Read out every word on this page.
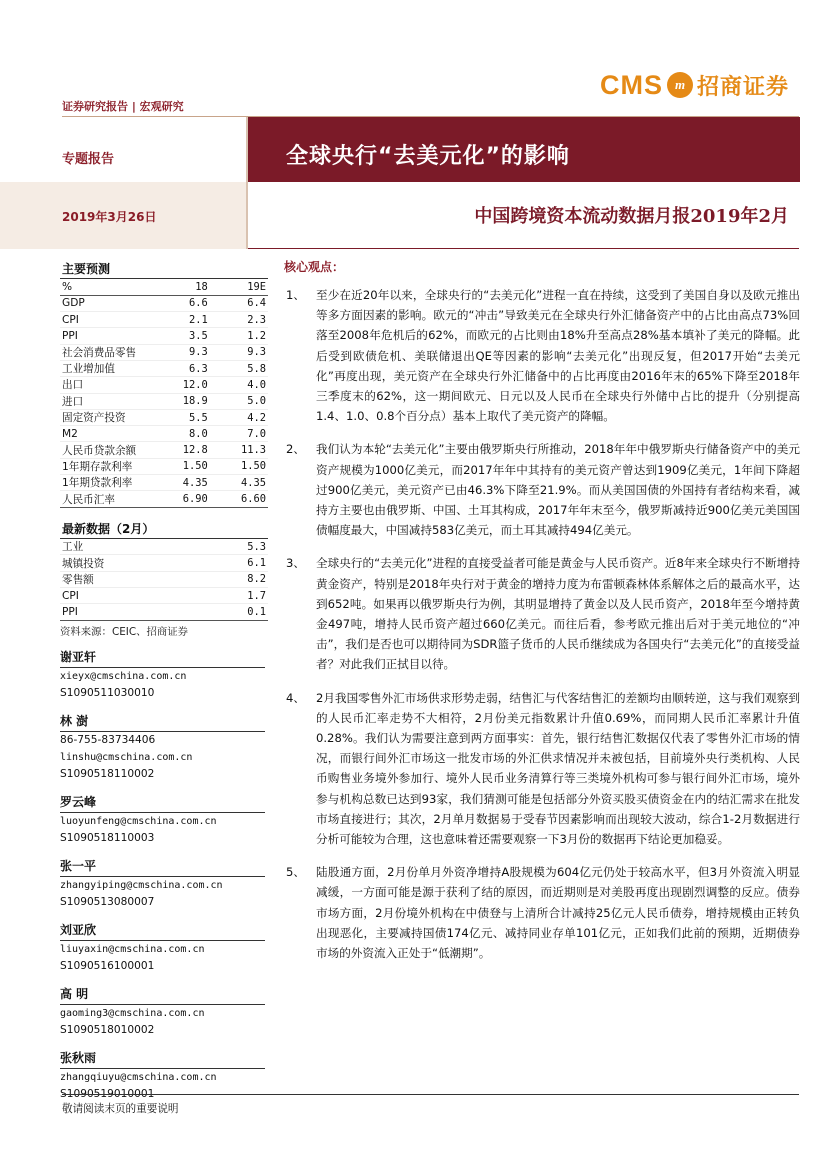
CMS m 招商证券
证券研究报告 | 宏观研究
专题报告	全球央行“去美元化”的影响
2019年3月26日	中国跨境资本流动数据月报2019年2月
主要预测
%	18	19E
GDP	6.6	6.4
CPI	2.1	2.3
PPI	3.5	1.2
社会消费品零售	9.3	9.3
工业增加值	6.3	5.8
出口	12.0	4.0
进口	18.9	5.0
固定资产投资	5.5	4.2
M2	8.0	7.0
人民币贷款余额	12.8	11.3
1年期存款利率	1.50	1.50
1年期贷款利率	4.35	4.35
人民币汇率	6.90	6.60
最新数据（2月）
工业	5.3
城镇投资	6.1
零售额	8.2
CPI	1.7
PPI	0.1
资料来源：CEIC、招商证券
谢亚轩
xieyx@cmschina.com.cn
S1090511030010
林 澍
86-755-83734406
linshu@cmschina.com.cn
S1090518110002
罗云峰
luoyunfeng@cmschina.com.cn
S1090518110003
张一平
zhangyiping@cmschina.com.cn
S1090513080007
刘亚欣
liuyaxin@cmschina.com.cn
S1090516100001
高 明
gaoming3@cmschina.com.cn
S1090518010002
张秋雨
zhangqiuyu@cmschina.com.cn
S1090519010001
核心观点：
1、 至少在近20年以来，全球央行的“去美元化”进程一直在持续，这受到了美国自身以及欧元推出等多方面因素的影响。欧元的“冲击”导致美元在全球央行外汇储备资产中的占比由高点73%回落至2008年危机后的62%，而欧元的占比则由18%升至高点28%基本填补了美元的降幅。此后受到欧债危机、美联储退出QE等因素的影响“去美元化”出现反复，但2017开始“去美元化”再度出现，美元资产在全球央行外汇储备中的占比再度由2016年末的65%下降至2018年三季度末的62%，这一期间欧元、日元以及人民币在全球央行外储中占比的提升（分别提高1.4、1.0、0.8个百分点）基本上取代了美元资产的降幅。
2、 我们认为本轮“去美元化”主要由俄罗斯央行所推动，2018年年中俄罗斯央行储备资产中的美元资产规模为1000亿美元，而2017年年中其持有的美元资产曾达到1909亿美元，1年间下降超过900亿美元，美元资产已由46.3%下降至21.9%。而从美国国债的外国持有者结构来看，减持方主要也由俄罗斯、中国、土耳其构成，2017年年末至今，俄罗斯减持近900亿美元美国国债幅度最大，中国减持583亿美元，而土耳其减持494亿美元。
3、 全球央行的“去美元化”进程的直接受益者可能是黄金与人民币资产。近8年来全球央行不断增持黄金资产，特别是2018年央行对于黄金的增持力度为布雷顿森林体系解体之后的最高水平，达到652吨。如果再以俄罗斯央行为例，其明显增持了黄金以及人民币资产，2018年至今增持黄金497吨，增持人民币资产超过660亿美元。而往后看，参考欧元推出后对于美元地位的“冲击”，我们是否也可以期待同为SDR篮子货币的人民币继续成为各国央行“去美元化”的直接受益者？对此我们正拭目以待。
4、 2月我国零售外汇市场供求形势走弱，结售汇与代客结售汇的差额均由顺转逆，这与我们观察到的人民币汇率走势不大相符，2月份美元指数累计升值0.69%，而同期人民币汇率累计升值0.28%。我们认为需要注意到两方面事实：首先，银行结售汇数据仅代表了零售外汇市场的情况，而银行间外汇市场这一批发市场的外汇供求情况并未被包括，目前境外央行类机构、人民币购售业务境外参加行、境外人民币业务清算行等三类境外机构可参与银行间外汇市场，境外参与机构总数已达到93家，我们猜测可能是包括部分外资买股买债资金在内的结汇需求在批发市场直接进行；其次，2月单月数据易于受春节因素影响而出现较大波动，综合1-2月数据进行分析可能较为合理，这也意味着还需要观察一下3月份的数据再下结论更加稳妥。
5、 陆股通方面，2月份单月外资净增持A股规模为604亿元仍处于较高水平，但3月外资流入明显减缓，一方面可能是源于获利了结的原因，而近期则是对美股再度出现剧烈调整的反应。债券市场方面，2月份境外机构在中债登与上清所合计减持25亿元人民币债券，增持规模由正转负出现恶化，主要减持国债174亿元、减持同业存单101亿元，正如我们此前的预期，近期债券市场的外资流入正处于“低潮期”。
敬请阅读末页的重要说明
